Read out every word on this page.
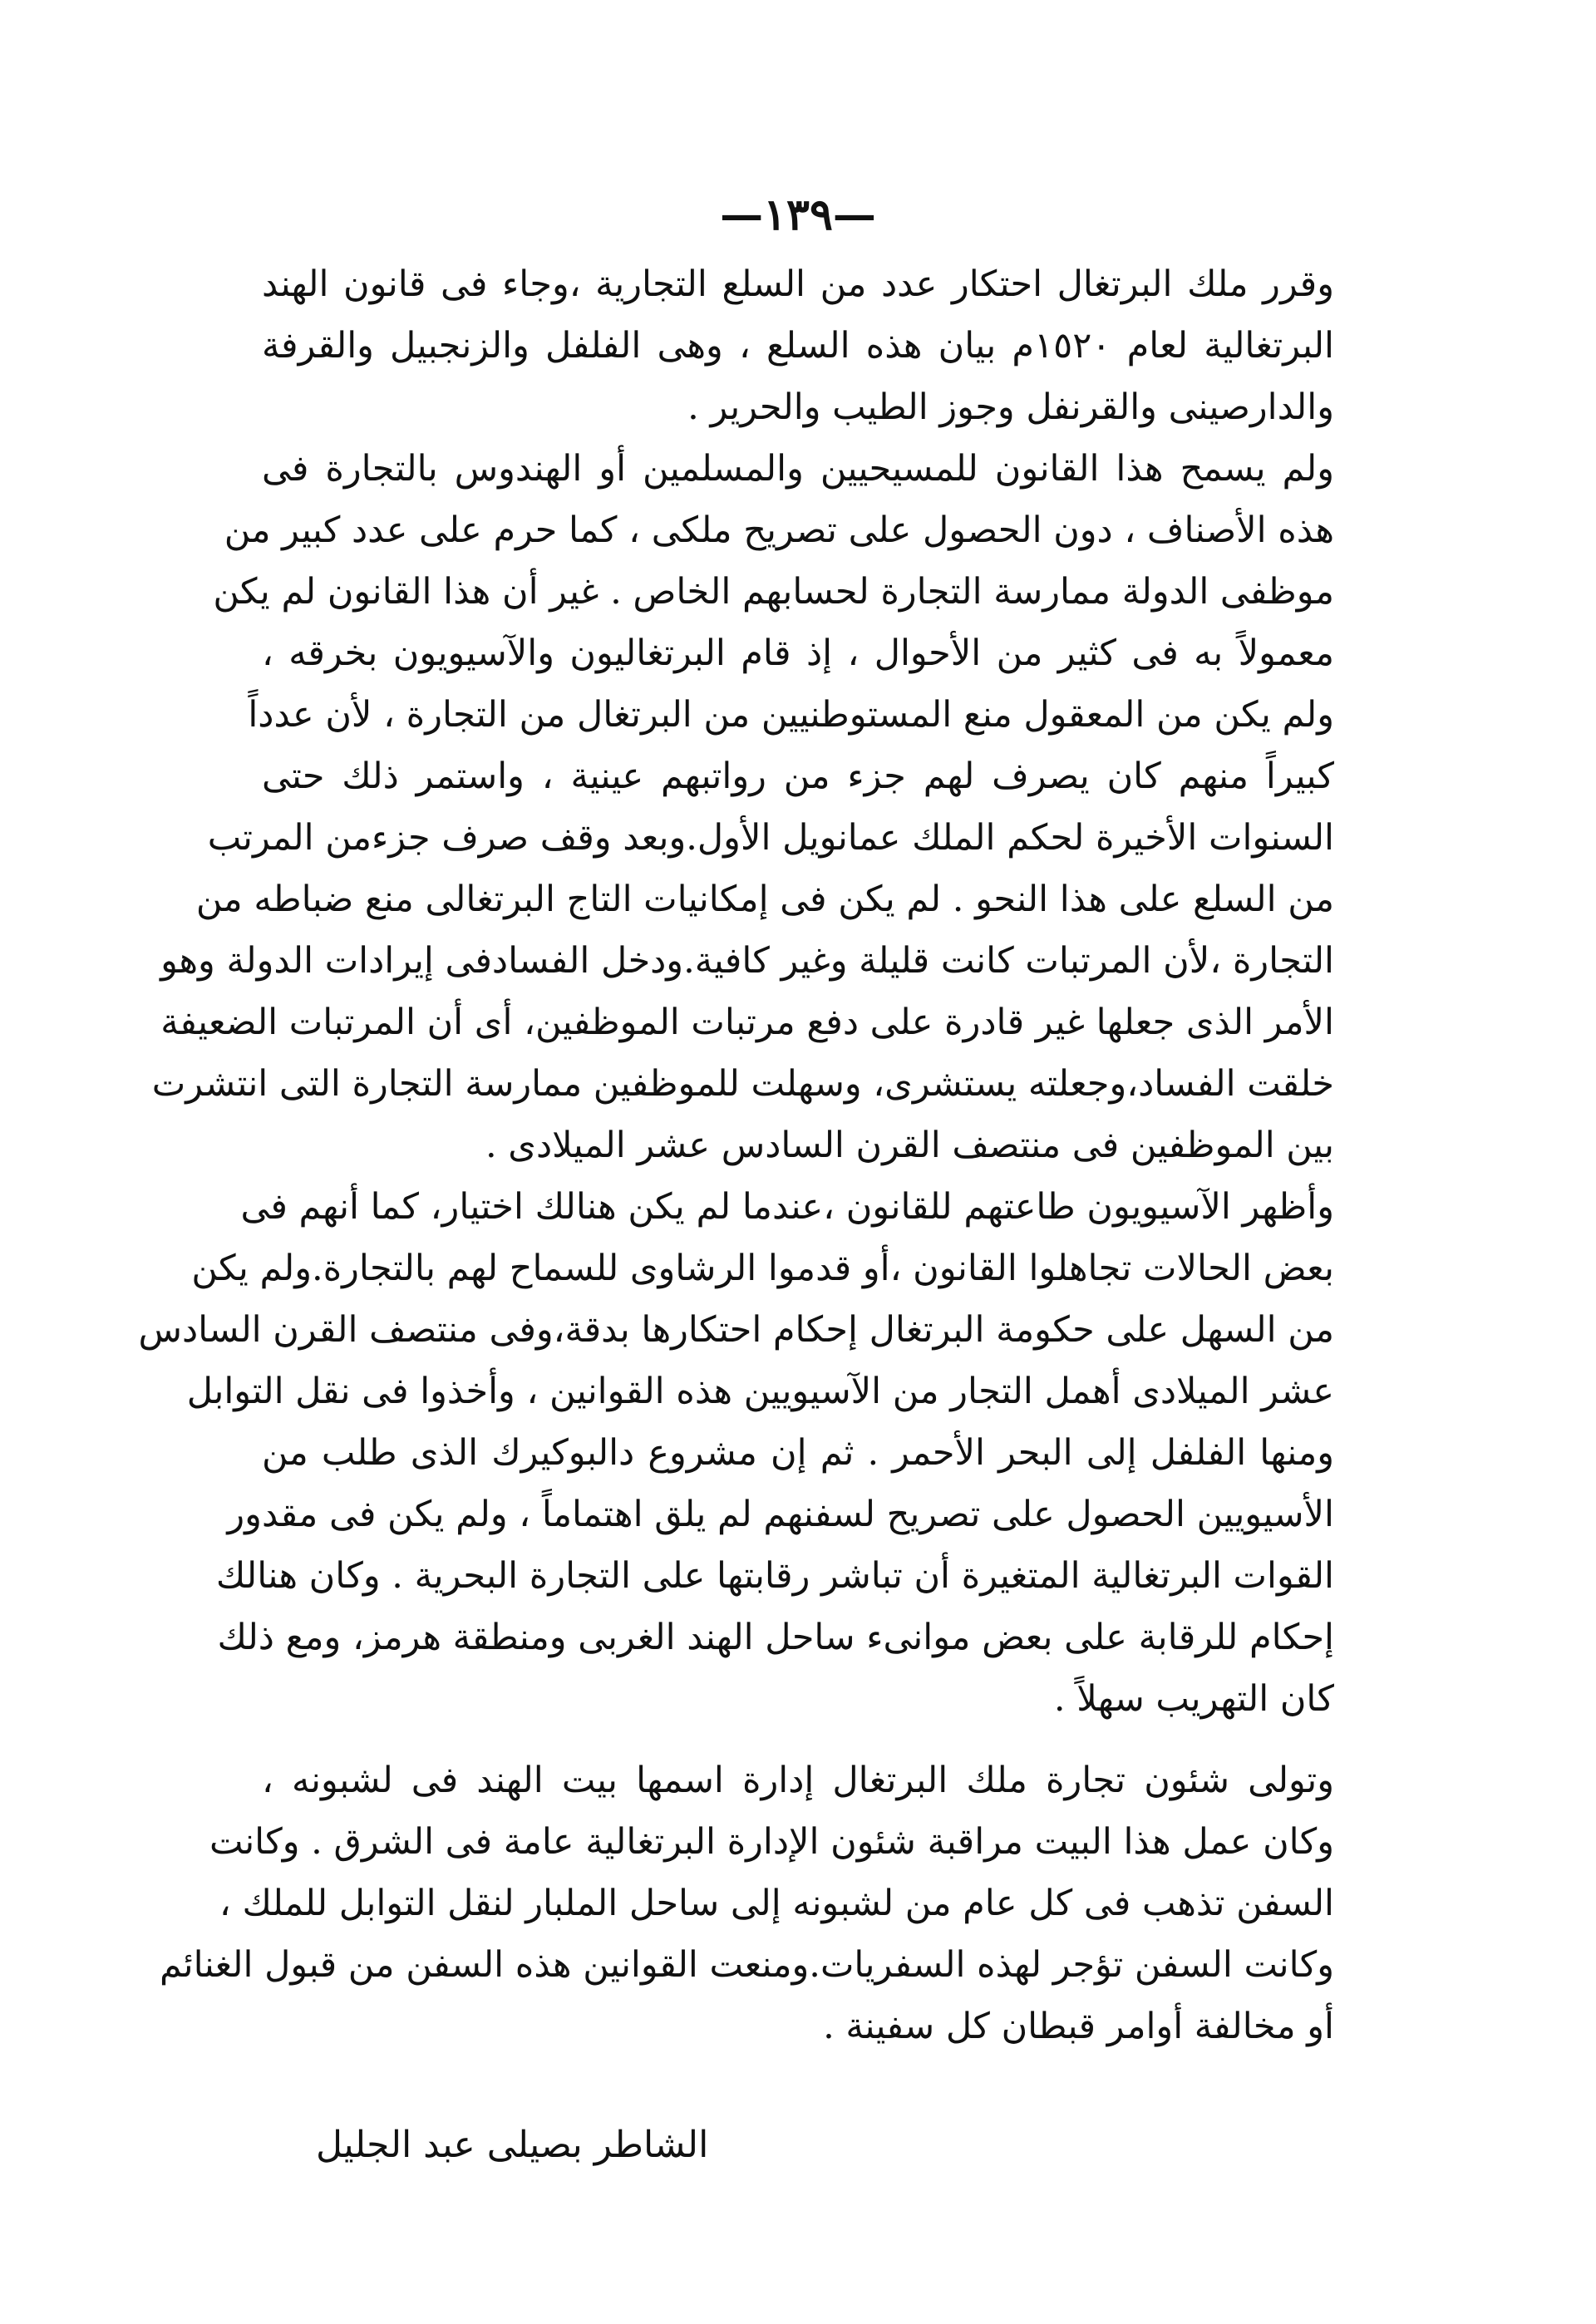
—١٣٩—
وقرر ملك البرتغال احتكار عدد من السلع التجارية ،وجاء فى قانون الهند
البرتغالية لعام ١٥٢٠م بيان هذه السلع ، وهى الفلفل والزنجبيل والقرفة
والدارصينى والقرنفل وجوز الطيب والحرير .
ولم يسمح هذا القانون للمسيحيين والمسلمين أو الهندوس بالتجارة فى
هذه الأصناف ، دون الحصول على تصريح ملكى ، كما حرم على عدد كبير من
موظفى الدولة ممارسة التجارة لحسابهم الخاص . غير أن هذا القانون لم يكن
معمولاً به فى كثير من الأحوال ، إذ قام البرتغاليون والآسيويون بخرقه ،
ولم يكن من المعقول منع المستوطنيين من البرتغال من التجارة ، لأن عدداً
كبيراً منهم كان يصرف لهم جزء من رواتبهم عينية ، واستمر ذلك حتى
السنوات الأخيرة لحكم الملك عمانويل الأول.وبعد وقف صرف جزءمن المرتب
من السلع على هذا النحو . لم يكن فى إمكانيات التاج البرتغالى منع ضباطه من
التجارة ،لأن المرتبات كانت قليلة وغير كافية.ودخل الفسادفى إيرادات الدولة وهو
الأمر الذى جعلها غير قادرة على دفع مرتبات الموظفين، أى أن المرتبات الضعيفة
خلقت الفساد،وجعلته يستشرى، وسهلت للموظفين ممارسة التجارة التى انتشرت
بين الموظفين فى منتصف القرن السادس عشر الميلادى .
وأظهر الآسيويون طاعتهم للقانون ،عندما لم يكن هنالك اختيار، كما أنهم فى
بعض الحالات تجاهلوا القانون ،أو قدموا الرشاوى للسماح لهم بالتجارة.ولم يكن
من السهل على حكومة البرتغال إحكام احتكارها بدقة،وفى منتصف القرن السادس
عشر الميلادى أهمل التجار من الآسيويين هذه القوانين ، وأخذوا فى نقل التوابل
ومنها الفلفل إلى البحر الأحمر . ثم إن مشروع دالبوكيرك الذى طلب من
الأسيويين الحصول على تصريح لسفنهم لم يلق اهتماماً ، ولم يكن فى مقدور
القوات البرتغالية المتغيرة أن تباشر رقابتها على التجارة البحرية . وكان هنالك
إحكام للرقابة على بعض موانىء ساحل الهند الغربى ومنطقة هرمز، ومع ذلك
كان التهريب سهلاً .
وتولى شئون تجارة ملك البرتغال إدارة اسمها بيت الهند فى لشبونه ،
وكان عمل هذا البيت مراقبة شئون الإدارة البرتغالية عامة فى الشرق . وكانت
السفن تذهب فى كل عام من لشبونه إلى ساحل الملبار لنقل التوابل للملك ،
وكانت السفن تؤجر لهذه السفريات.ومنعت القوانين هذه السفن من قبول الغنائم
أو مخالفة أوامر قبطان كل سفينة .
الشاطر بصيلى عبد الجليل
